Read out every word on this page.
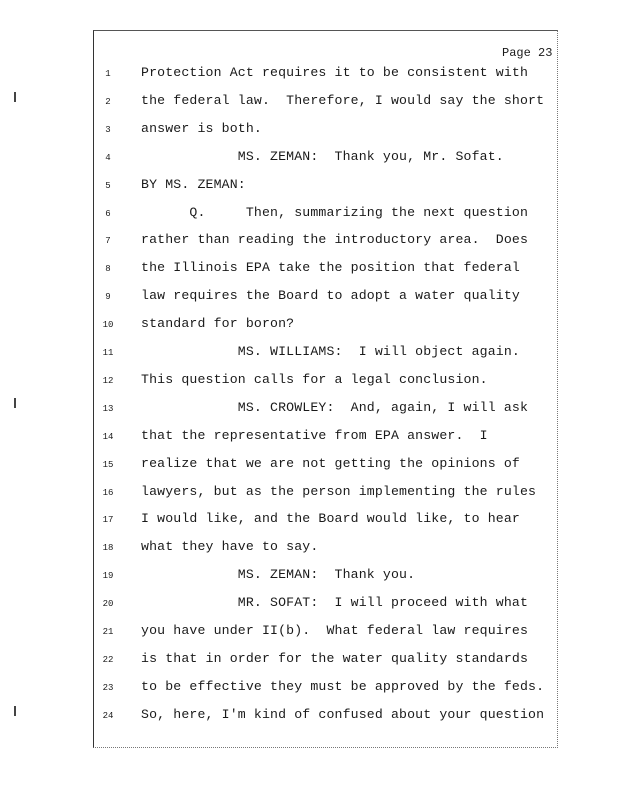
Page 23
1	Protection Act requires it to be consistent with
2	the federal law.  Therefore, I would say the short
3	answer is both.
4	MS. ZEMAN:  Thank you, Mr. Sofat.
5	BY MS. ZEMAN:
6	Q.     Then, summarizing the next question
7	rather than reading the introductory area.  Does
8	the Illinois EPA take the position that federal
9	law requires the Board to adopt a water quality
10	standard for boron?
11	MS. WILLIAMS:  I will object again.
12	This question calls for a legal conclusion.
13	MS. CROWLEY:  And, again, I will ask
14	that the representative from EPA answer.  I
15	realize that we are not getting the opinions of
16	lawyers, but as the person implementing the rules
17	I would like, and the Board would like, to hear
18	what they have to say.
19	MS. ZEMAN:  Thank you.
20	MR. SOFAT:  I will proceed with what
21	you have under II(b).  What federal law requires
22	is that in order for the water quality standards
23	to be effective they must be approved by the feds.
24	So, here, I'm kind of confused about your question
